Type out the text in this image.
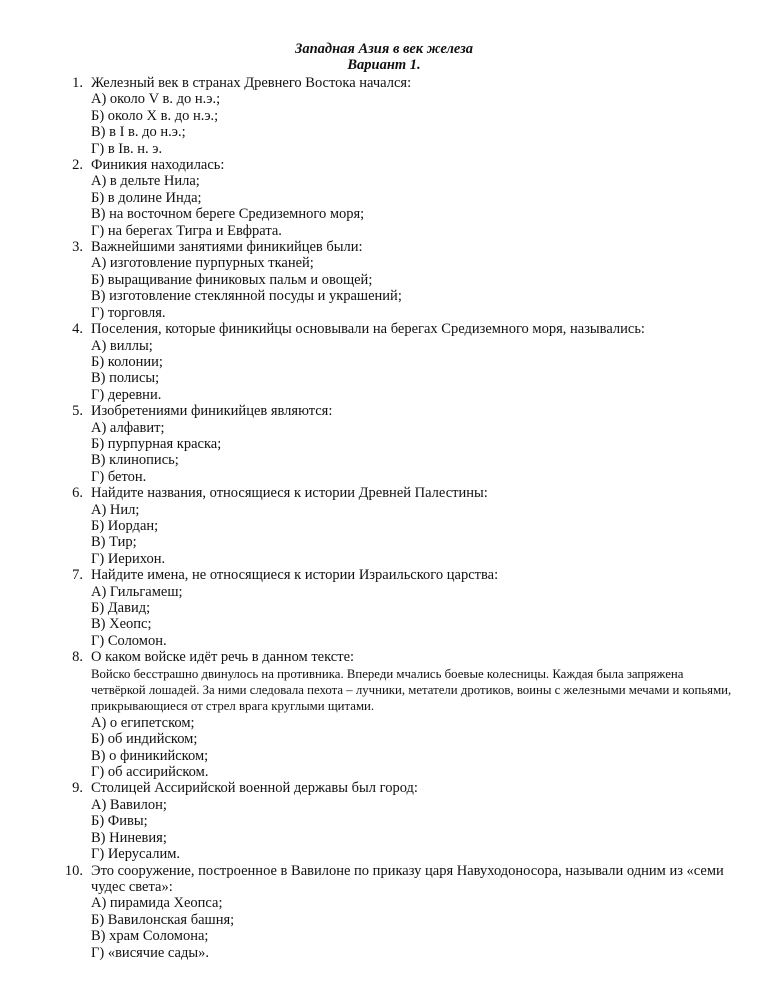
Западная Азия в век железа
Вариант 1.
1. Железный век в странах Древнего Востока начался:
А) около V в. до н.э.;
Б) около X в. до н.э.;
В) в I в. до н.э.;
Г) в Iв. н. э.
2. Финикия находилась:
А) в дельте Нила;
Б) в долине Инда;
В) на восточном береге Средиземного моря;
Г) на берегах Тигра и Евфрата.
3. Важнейшими занятиями финикийцев были:
А) изготовление пурпурных тканей;
Б) выращивание финиковых пальм и овощей;
В) изготовление стеклянной посуды и украшений;
Г) торговля.
4. Поселения, которые финикийцы основывали на берегах Средиземного моря, назывались:
А) виллы;
Б) колонии;
В) полисы;
Г) деревни.
5. Изобретениями финикийцев являются:
А) алфавит;
Б) пурпурная краска;
В) клинопись;
Г) бетон.
6. Найдите названия, относящиеся к истории Древней Палестины:
А) Нил;
Б) Иордан;
В) Тир;
Г) Иерихон.
7. Найдите имена, не относящиеся к истории Израильского царства:
А) Гильгамеш;
Б) Давид;
В) Хеопс;
Г) Соломон.
8. О каком войске идёт речь в данном тексте:
Войско бесстрашно двинулось на противника. Впереди мчались боевые колесницы. Каждая была запряжена четвёркой лошадей. За ними следовала пехота – лучники, метатели дротиков, воины с железными мечами и копьями, прикрывающиеся от стрел врага круглыми щитами.
А) о египетском;
Б) об индийском;
В) о финикийском;
Г) об ассирийском.
9. Столицей Ассирийской военной державы был город:
А) Вавилон;
Б) Фивы;
В) Ниневия;
Г) Иерусалим.
10. Это сооружение, построенное в Вавилоне по приказу царя Навуходоносора, называли одним из «семи чудес света»:
А) пирамида Хеопса;
Б) Вавилонская башня;
В) храм Соломона;
Г) «висячие сады».
